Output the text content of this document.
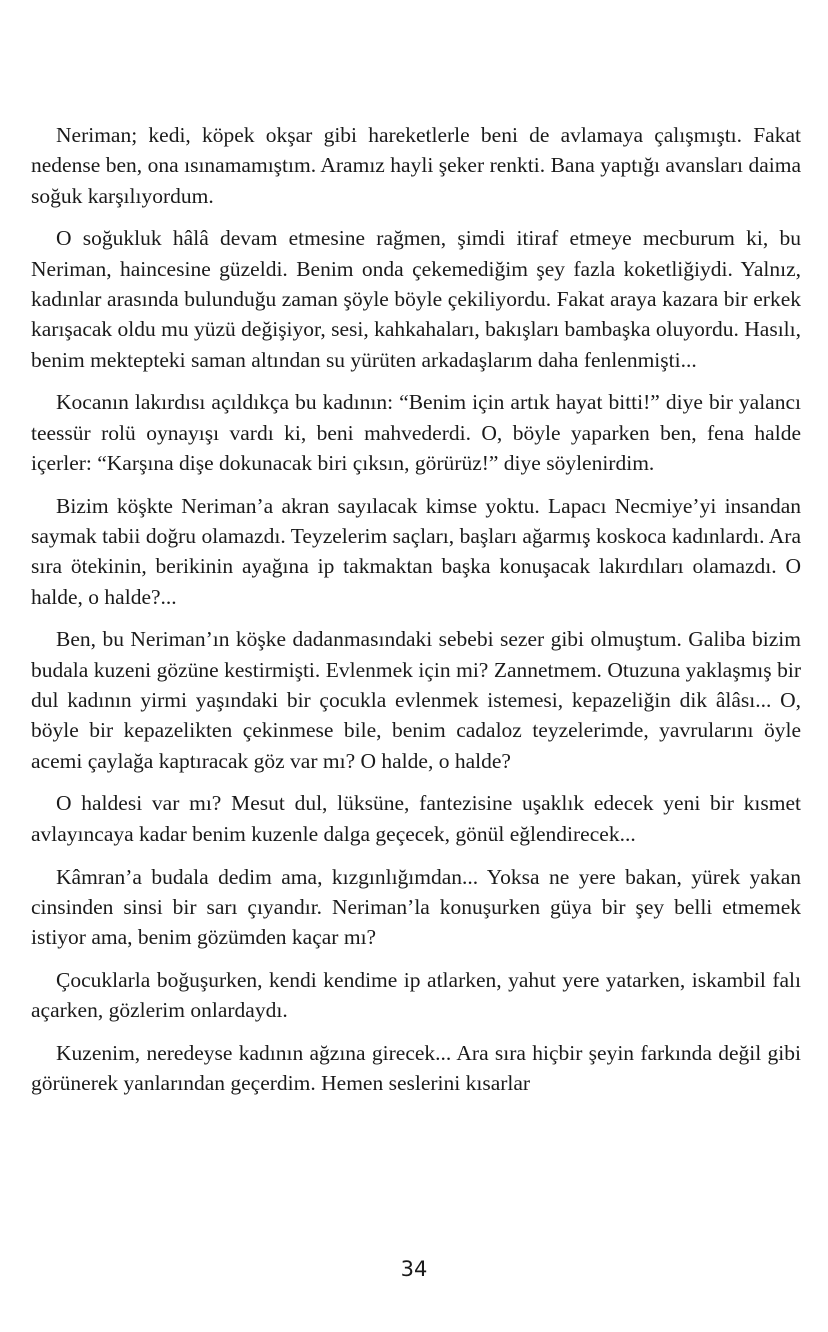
Neriman; kedi, köpek okşar gibi hareketlerle beni de avlamaya çalışmıştı. Fakat nedense ben, ona ısınamamıştım. Aramız hayli şeker renkti. Bana yaptığı avansları daima soğuk karşılıyordum.

O soğukluk hâlâ devam etmesine rağmen, şimdi itiraf etmeye mecburum ki, bu Neriman, haincesine güzeldi. Benim onda çekemediğim şey fazla koketliğiydi. Yalnız, kadınlar arasında bulunduğu zaman şöyle böyle çekiliyordu. Fakat araya kazara bir erkek karışacak oldu mu yüzü değişiyor, sesi, kahkahaları, bakışları bambaşka oluyordu. Hasılı, benim mektepteki saman altından su yürüten arkadaşlarım daha fenlenmişti...

Kocanın lakırdısı açıldıkça bu kadının: “Benim için artık hayat bitti!” diye bir yalancı teessür rolü oynayışı vardı ki, beni mahvederdi. O, böyle yaparken ben, fena halde içerler: “Karşına dişe dokunacak biri çıksın, görürüz!” diye söylenirdim.

Bizim köşkte Neriman’a akran sayılacak kimse yoktu. Lapacı Necmiye’yi insandan saymak tabii doğru olamazdı. Teyzelerim saçları, başları ağarmış koskoca kadınlardı. Ara sıra ötekinin, berikinin ayağına ip takmaktan başka konuşacak lakırdıları olamazdı. O halde, o halde?...

Ben, bu Neriman’ın köşke dadanmasındaki sebebi sezer gibi olmuştum. Galiba bizim budala kuzeni gözüne kestirmişti. Evlenmek için mi? Zannetmem. Otuzuna yaklaşmış bir dul kadının yirmi yaşındaki bir çocukla evlenmek istemesi, kepazeliğin dik âlâsı... O, böyle bir kepazelikten çekinmese bile, benim cadaloz teyzelerimde, yavrularını öyle acemi çaylağa kaptıracak göz var mı? O halde, o halde?

O haldesi var mı? Mesut dul, lüksüne, fantezisine uşaklık edecek yeni bir kısmet avlayıncaya kadar benim kuzenle dalga geçecek, gönül eğlendirecek...

Kâmran’a budala dedim ama, kızgınlığımdan... Yoksa ne yere bakan, yürek yakan cinsinden sinsi bir sarı çıyandır. Neriman’la konuşurken güya bir şey belli etmemek istiyor ama, benim gözümden kaçar mı?

Çocuklarla boğuşurken, kendi kendime ip atlarken, yahut yere yatarken, iskambil falı açarken, gözlerim onlardaydı.

Kuzenim, neredeyse kadının ağzına girecek... Ara sıra hiçbir şeyin farkında değil gibi görünerek yanlarından geçerdim. Hemen seslerini kısarlar

34
